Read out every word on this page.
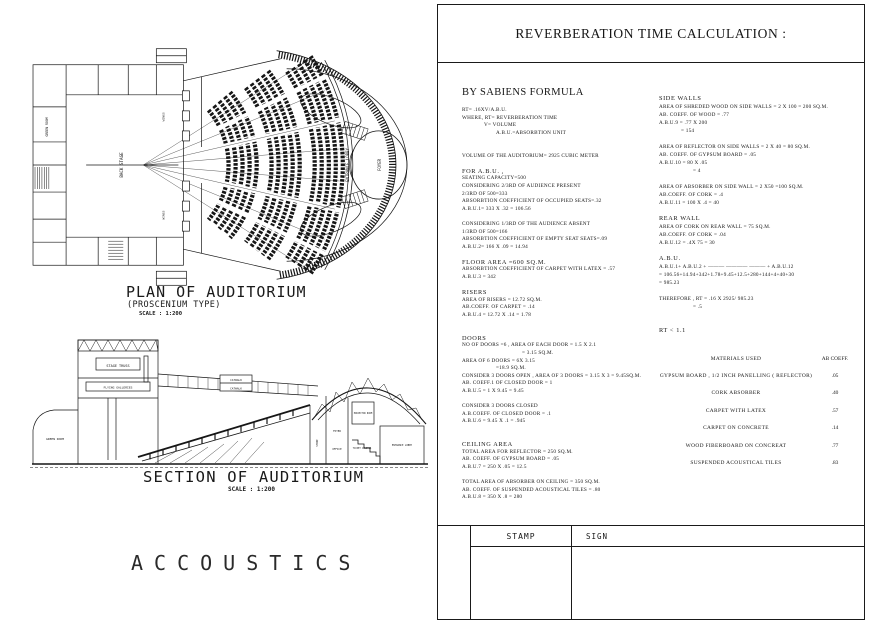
BACK STAGE
WINGS
WINGS
GREEN ROOM
ENTRANCE LOBBY	FOYER
PLAN OF AUDITORIUM
(PROSCENIUM TYPE)
SCALE : 1:200
STAGE TRUSS
FLYING GALLERIES
GREEN ROOM
CATWALK
CATWALK
PROJECTOR ROOM
STORE
OFFICE
FOYER
TICKET COUNTER
ENTRANCE LOBBY
SECTION OF AUDITORIUM
SCALE : 1:200
ACCOUSTICS
REVERBERATION TIME CALCULATION :
BY SABIENS FORMULA
RT= .16XV/A.B.U.
WHERE, RT= REVERBERATION TIME
V= VOLUME
A.B.U.=ABSORBTION UNIT

VOLUME OF THE AUDITORIUM= 2925 CUBIC METER

FOR A.B.U. ,
SEATING CAPACITY=500
CONSIDERING 2/3RD OF AUDIENCE PRESENT
2/3RD OF 500=333
ABSORBTION COEFFICIENT OF OCCUPIED SEATS=.32
A.B.U.1= 333 X .32 = 106.56

CONSIDERING 1/3RD OF THE AUDIENCE ABSENT
1/3RD OF 500=166
ABSORBTION COEFFICIENT OF EMPTY SEAT SEATS=.09
A.B.U.2= 166 X .09 = 14.94

FLOOR AREA =600 SQ.M.
ABSORBTION COEFFICIENT OF CARPET WITH LATEX = .57
A.B.U.3 = 342

RISERS
AREA OF RISERS = 12.72 SQ.M.
AB.COEFF. OF CARPET = .14
A.B.U.4 = 12.72 X .14 = 1.78

DOORS
NO OF DOORS =6 , AREA OF EACH DOOR = 1.5 X 2.1
= 3.15 SQ.M.
AREA OF 6 DOORS = 6X 3.15
=18.9 SQ.M.
CONSIDER 3 DOORS OPEN , AREA OF 3 DOORS = 3.15 X 3 = 9.45SQ.M.
AB. COEFF.1 OF CLOSED DOOR = 1
A.B.U.5 = 1 X 9.45 = 9.45

CONSIDER 3 DOORS CLOSED
A.B.COEFF. OF CLOSED DOOR = .1
A.B.U.6 = 9.45 X .1 = .945

CEILING AREA
TOTAL AREA FOR REFLECTOR = 250 SQ.M.
AB. COEFF. OF GYPSUM BOARD = .05
A.B.U.7 = 250 X .05 = 12.5

TOTAL AREA OF ABSORBER ON CEILING = 350 SQ.M.
AB. COEFF. OF SUSPENDED ACOUSTICAL TILES = .80
A.B.U.8 = 350 X .8 = 280
SIDE WALLS
AREA OF SHREDED WOOD ON SIDE WALLS = 2 X 100 = 200 SQ.M.
AB. COEFF. OF WOOD = .77
A.B.U.9 = .77 X 200
= 154

AREA OF REFLECTOR ON SIDE WALLS = 2 X 40 = 80 SQ.M.
AB. COEFF. OF GYPSUM BOARD = .05
A.B.U.10 = 80 X .05
= 4

AREA OF ABSORBER ON SIDE WALL = 2 X50 =100 SQ.M.
AB.COEFF. OF CORK = .4
A.B.U.11 = 100 X .4 = 40

REAR WALL
AREA OF CORK ON REAR WALL = 75 SQ.M.
AB.COEFF. OF CORK = .04
A.B.U.12 = .4X 75 = 30

A.B.U.
A.B.U.1+ A.B.U.2 + ——— ———— ——— + A.B.U.12
= 106.56+14.94+342+1.78+9.45+12.5+280+144+4+40+30
= 985.23

THEREFORE , RT = .16 X 2925/ 985.23
= .5

RT < 1.1
MATERIALS USED	AB COEFF.
GYPSUM BOARD , 1/2 INCH PANELLING ( REFLECTOR)	.05
CORK ABSORBER	.40
CARPET WITH LATEX	.57
CARPET ON CONCRETE	.14
WOOD FIBERBOARD ON CONCREAT	.77
SUSPENDED ACOUSTICAL TILES	.83
STAMP	SIGN
